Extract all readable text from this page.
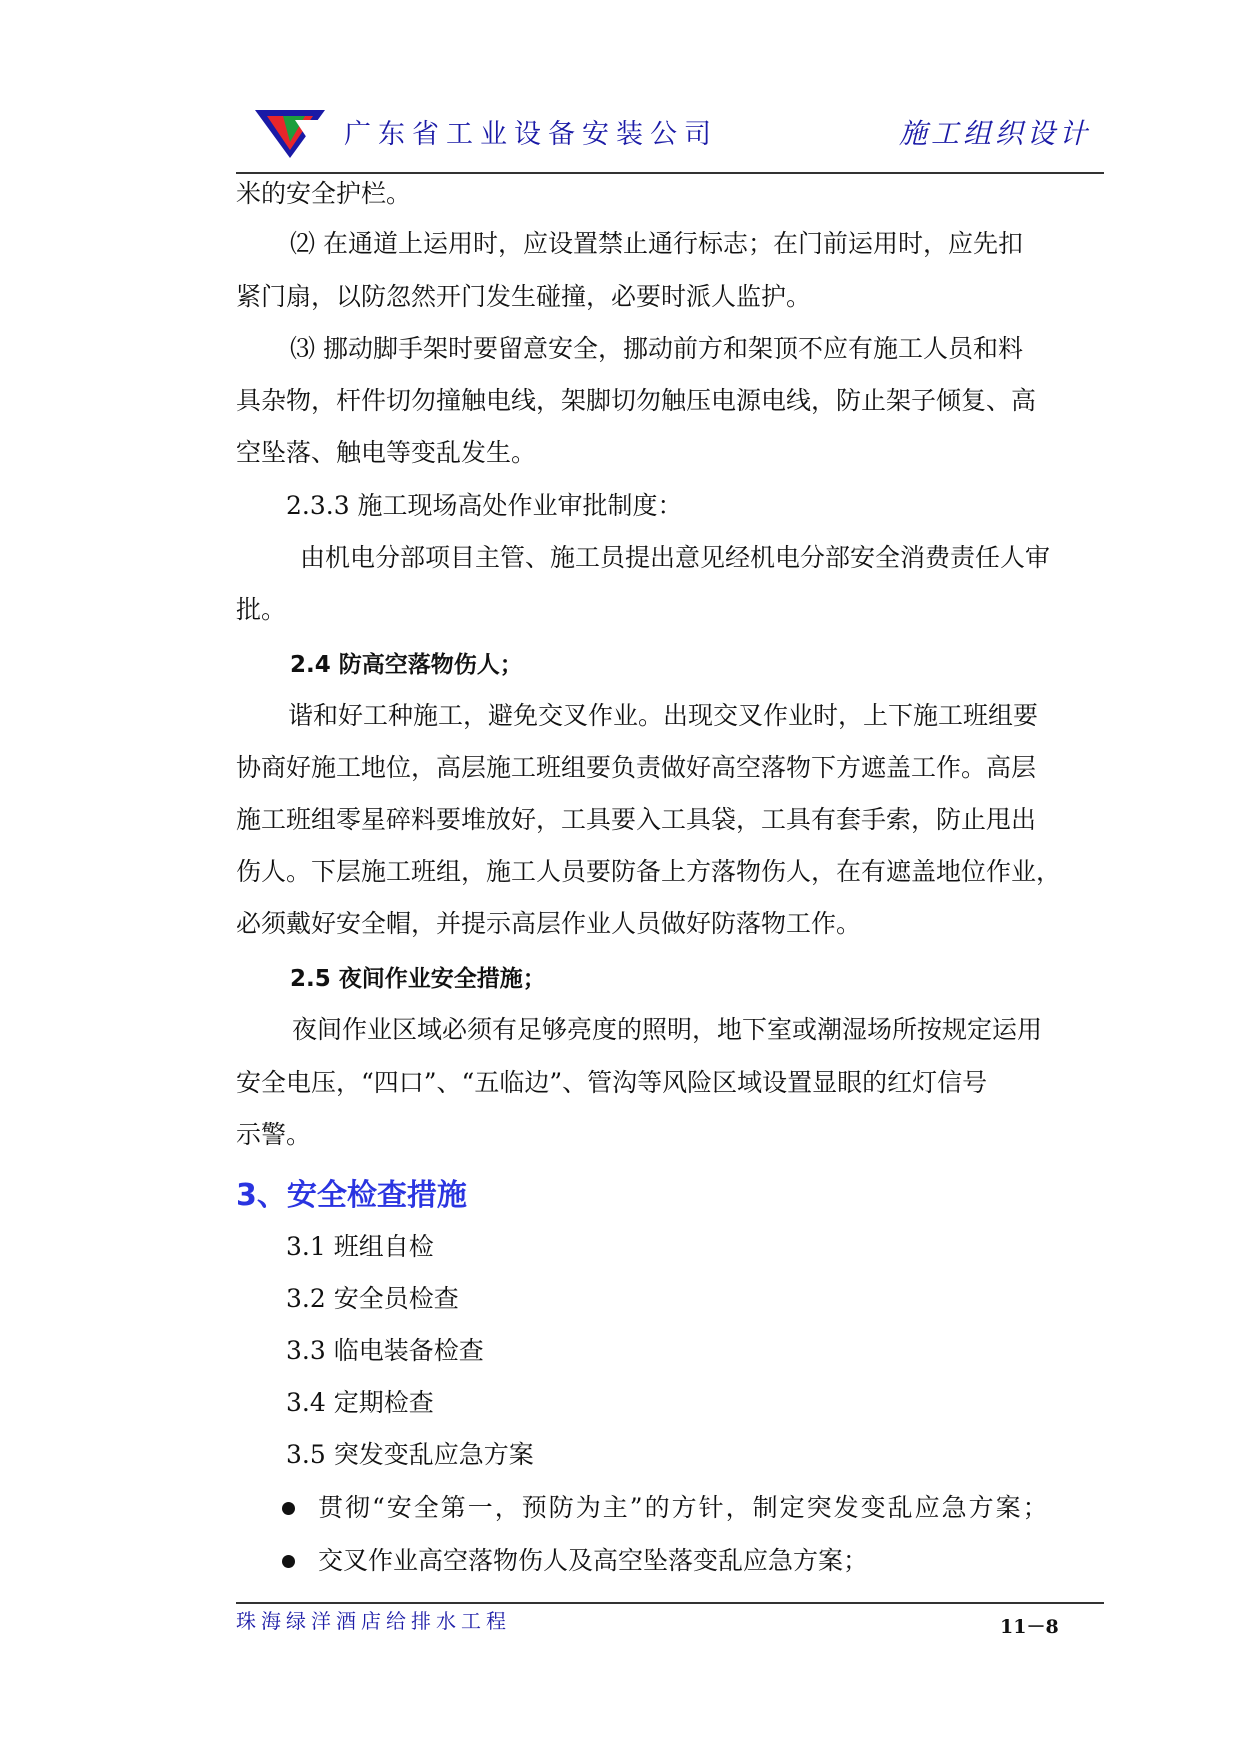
广东省工业设备安装公司	施工组织设计
米的安全护栏。
⑵ 在通道上运用时，应设置禁止通行标志；在门前运用时，应先扣
紧门扇，以防忽然开门发生碰撞，必要时派人监护。
⑶ 挪动脚手架时要留意安全，挪动前方和架顶不应有施工人员和料
具杂物，杆件切勿撞触电线，架脚切勿触压电源电线，防止架子倾复、高
空坠落、触电等变乱发生。
2.3.3 施工现场高处作业审批制度：
由机电分部项目主管、施工员提出意见经机电分部安全消费责任人审
批。
2.4 防高空落物伤人；
谐和好工种施工，避免交叉作业。出现交叉作业时，上下施工班组要
协商好施工地位，高层施工班组要负责做好高空落物下方遮盖工作。高层
施工班组零星碎料要堆放好，工具要入工具袋，工具有套手索，防止甩出
伤人。下层施工班组，施工人员要防备上方落物伤人，在有遮盖地位作业，
必须戴好安全帽，并提示高层作业人员做好防落物工作。
2.5 夜间作业安全措施；
夜间作业区域必须有足够亮度的照明，地下室或潮湿场所按规定运用
安全电压，“四口”、“五临边”、管沟等风险区域设置显眼的红灯信号
示警。
3、安全检查措施
3.1 班组自检
3.2 安全员检查
3.3 临电装备检查
3.4 定期检查
3.5 突发变乱应急方案
贯彻“安全第一，预防为主”的方针，制定突发变乱应急方案；
交叉作业高空落物伤人及高空坠落变乱应急方案；
珠海绿洋酒店给排水工程	11－8
